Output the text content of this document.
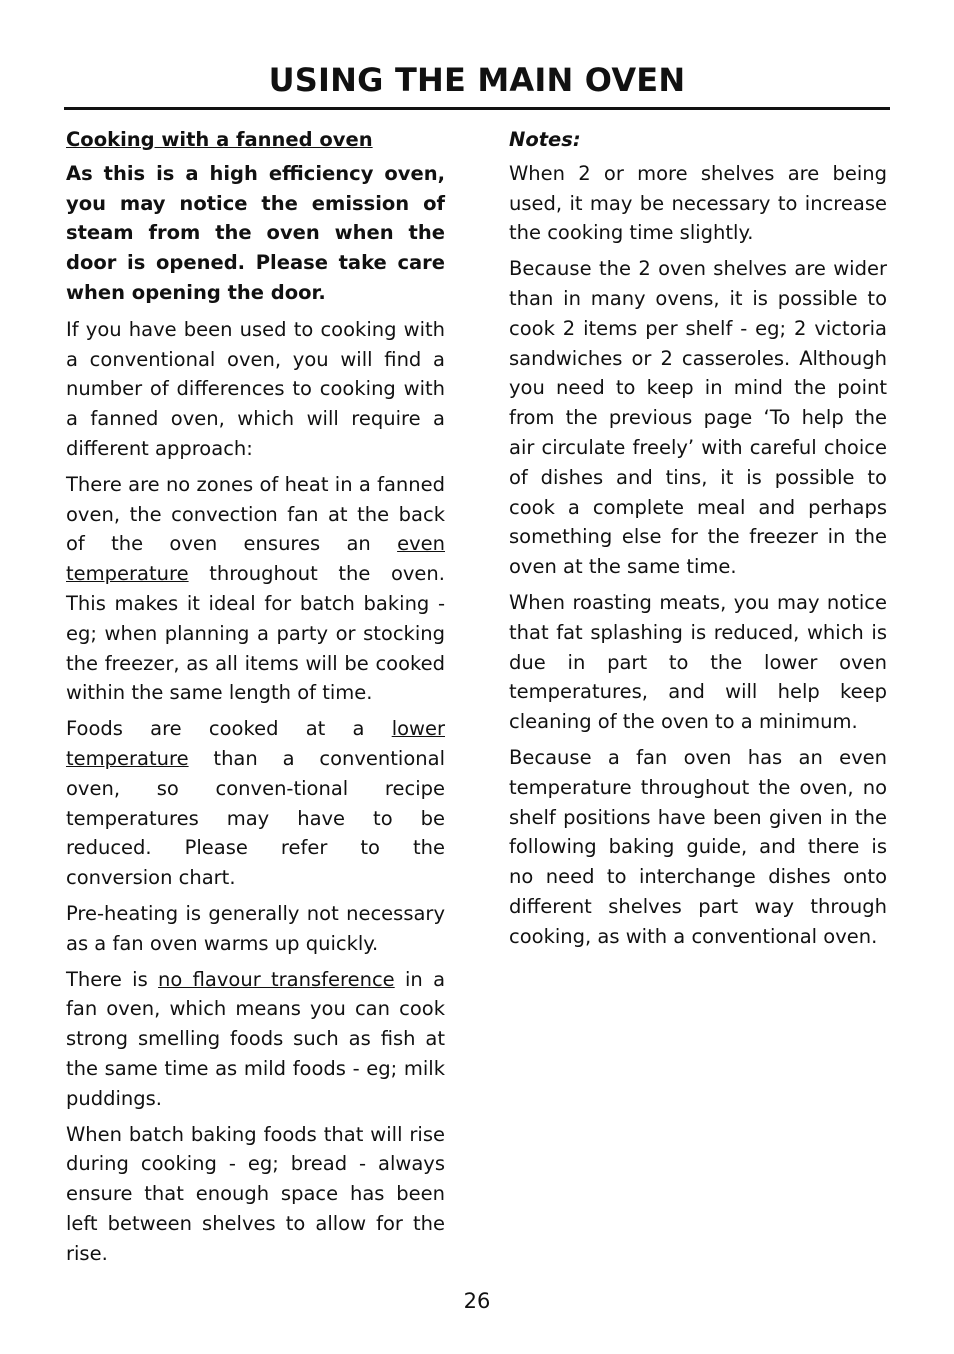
USING THE MAIN OVEN

Cooking with a fanned oven

As this is a high efficiency oven, you may notice the emission of steam from the oven when the door is opened. Please take care when opening the door.

If you have been used to cooking with a conventional oven, you will find a number of differences to cooking with a fanned oven, which will require a different approach:

There are no zones of heat in a fanned oven, the convection fan at the back of the oven ensures an even temperature throughout the oven. This makes it ideal for batch baking - eg; when planning a party or stocking the freezer, as all items will be cooked within the same length of time.

Foods are cooked at a lower temperature than a conventional oven, so conven-tional recipe temperatures may have to be reduced. Please refer to the conversion chart.

Pre-heating is generally not necessary as a fan oven warms up quickly.

There is no flavour transference in a fan oven, which means you can cook strong smelling foods such as fish at the same time as mild foods - eg; milk puddings.

When batch baking foods that will rise during cooking - eg; bread - always ensure that enough space has been left between shelves to allow for the rise.

Notes:

When 2 or more shelves are being used, it may be necessary to increase the cooking time slightly.

Because the 2 oven shelves are wider than in many ovens, it is possible to cook 2 items per shelf - eg; 2 victoria sandwiches or 2 casseroles. Although you need to keep in mind the point from the previous page ‘To help the air circulate freely’ with careful choice of dishes and tins, it is possible to cook a complete meal and perhaps something else for the freezer in the oven at the same time.

When roasting meats, you may notice that fat splashing is reduced, which is due in part to the lower oven temperatures, and will help keep cleaning of the oven to a minimum.

Because a fan oven has an even temperature throughout the oven, no shelf positions have been given in the following baking guide, and there is no need to interchange dishes onto different shelves part way through cooking, as with a conventional oven.

26
